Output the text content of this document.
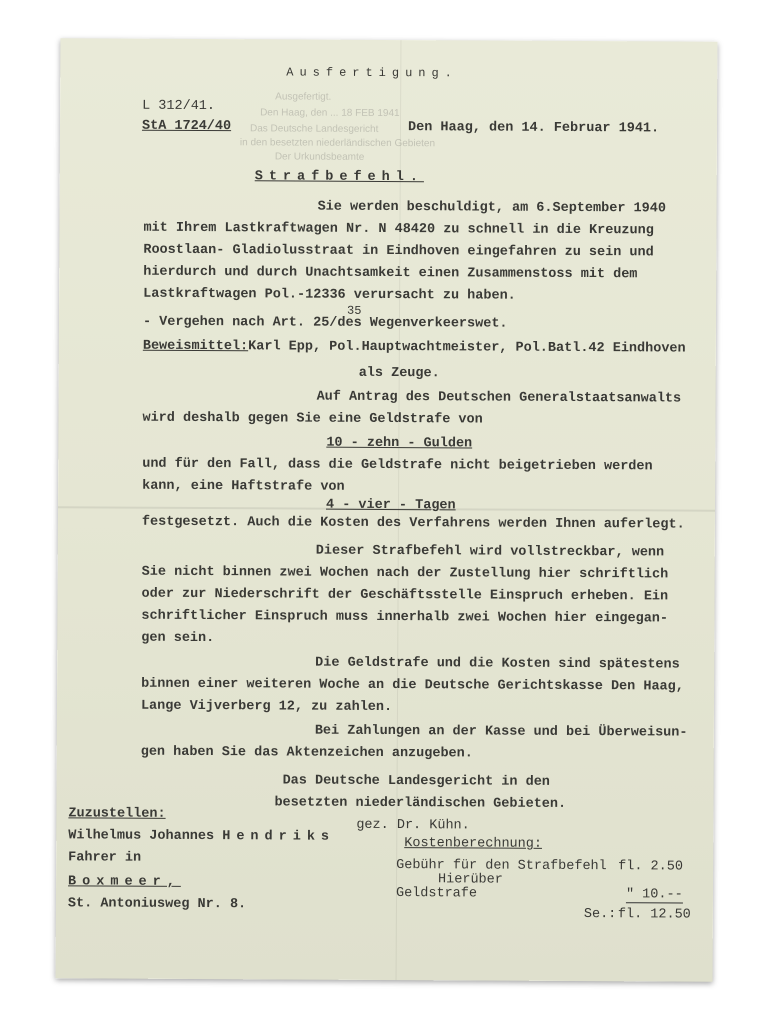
Ausgefertigt.
Den Haag, den ... 18 FEB 1941
Das Deutsche Landesgericht
in den besetzten niederländischen Gebieten
Der Urkundsbeamte
Ausfertigung.
L 312/41.
StA 1724/40	Den Haag, den 14. Februar 1941.
Strafbefehl.
Sie werden beschuldigt, am 6.September 1940
mit Ihrem Lastkraftwagen Nr. N 48420 zu schnell in die Kreuzung
Roostlaan- Gladiolusstraat in Eindhoven eingefahren zu sein und
hierdurch und durch Unachtsamkeit einen Zusammenstoss mit dem
Lastkraftwagen Pol.-12336 verursacht zu haben.
35
- Vergehen nach Art. 25/des Wegenverkeerswet.
Beweismittel:Karl Epp, Pol.Hauptwachtmeister, Pol.Batl.42 Eindhoven
als Zeuge.
Auf Antrag des Deutschen Generalstaatsanwalts
wird deshalb gegen Sie eine Geldstrafe von
10 - zehn - Gulden
und für den Fall, dass die Geldstrafe nicht beigetrieben werden
kann, eine Haftstrafe von
4 - vier - Tagen
festgesetzt. Auch die Kosten des Verfahrens werden Ihnen auferlegt.
Dieser Strafbefehl wird vollstreckbar, wenn
Sie nicht binnen zwei Wochen nach der Zustellung hier schriftlich
oder zur Niederschrift der Geschäftsstelle Einspruch erheben. Ein
schriftlicher Einspruch muss innerhalb zwei Wochen hier eingegan-
gen sein.
Die Geldstrafe und die Kosten sind spätestens
binnen einer weiteren Woche an die Deutsche Gerichtskasse Den Haag,
Lange Vijverberg 12, zu zahlen.
Bei Zahlungen an der Kasse und bei Überweisun-
gen haben Sie das Aktenzeichen anzugeben.
Das Deutsche Landesgericht in den
besetzten niederländischen Gebieten.
gez. Dr. Kühn.
Zuzustellen:
Wilhelmus Johannes Hendriks
Fahrer in
Boxmeer,
St. Antoniusweg Nr. 8.
Kostenberechnung:
Gebühr für den Strafbefehl fl. 2.50
Hierüber
Geldstrafe	" 10.--
Se.: fl. 12.50
